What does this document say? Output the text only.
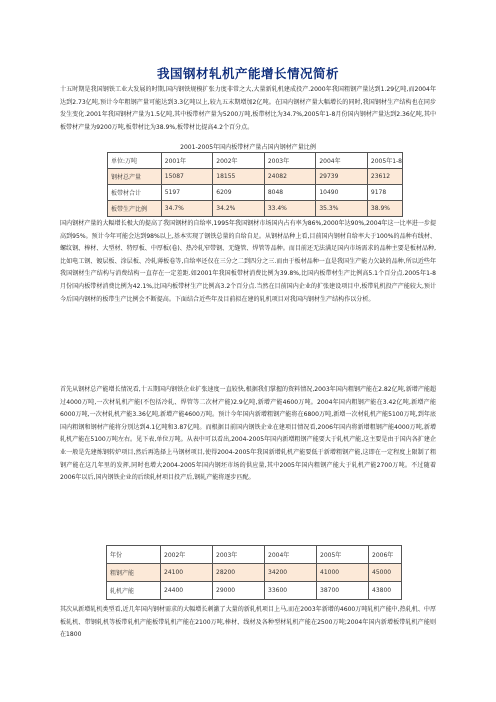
我国钢材轧机产能增长情况简析

十五时期是我国钢铁工业大发展的时期,国内钢铁规模扩张力度非常之大,大量新轧机建成投产.2000年我国粗钢产量达到1.29亿吨,而2004年达到2.73亿吨,预计今年粗钢产量可能达到3.3亿吨以上,较九五末期增加2亿吨。在国内钢材产量大幅增长的同时,我国钢材生产结构也在同步发生变化.2001年我国钢材产量为1.5亿吨,其中板带材产量为5200万吨,板带材比为34.7%,2005年1-8月份国内钢材产量达到2.36亿吨,其中板带材产量为9200万吨,板带材比为38.9%,板带材比提高4.2个百分点。

2001-2005年国内板带材产量占国内钢材产量比例
单位:万吨	2001年	2002年	2003年	2004年	2005年1-8
钢材总产量	15087	18155	24082	29739	23612
板带材合计	5197	6209	8048	10490	9178
板带生产比例	34.7%	34.2%	33.4%	35.3%	38.9%

国内钢材产量的大幅增长极大的提高了我国钢材的自给率,1995年我国钢材市场国内占有率为86%,2000年达90%,2004年这一比率进一步提高到95%。预计今年可能会达到98%以上,基本实现了钢铁总量的自给自足。从钢材品种上看,目前国内钢材自给率大于100%的品种有线材、螺纹钢、棒材、大型材、特厚板、中厚板(卷)、热冷轧窄带钢、无缝管、焊管等品种。而目前还无法满足国内市场需求的品种主要是板材品种,比如电工钢、镀层板、涂层板、冷轧薄板卷等,自给率还仅在三分之二到四分之三.而由于板材品种一直是我国生产能力欠缺的品种,所以近些年我国钢材生产结构与消费结构一直存在一定差距.如2001年我国板带材消费比例为39.8%,比国内板带材生产比例高5.1个百分点.2005年1-8月份国内板带材消费比例为42.1%,比国内板带材生产比例高3.2个百分点.当然在目前国内企业的扩张建设项目中,板带轧机投产产能较大,预计今后国内钢材的板带生产比例会不断提高。下面结合近些年及目前拟在建的轧机项目对我国内钢材生产结构作以分析。

首先从钢材总产能增长情况看,十五期国内钢铁企业扩张速度一直较快,根据我们掌握的资料情况,2003年国内粗钢产能在2.82亿吨,新增产能超过4000万吨,一次材轧机产能(不包括冷轧、焊管等二次材产能)2.9亿吨,新增产能4600万吨。2004年国内粗钢产能在3.42亿吨,新增产能6000万吨,一次材轧机产能3.36亿吨,新增产能4600万吨。预计今年国内新增粗钢产能将在6800万吨,新增一次材轧机产能5100万吨,到年底国内粗钢和钢材产能将分别达到4.1亿吨和3.87亿吨。而根据目前国内钢铁企业在建项目情况看,2006年国内将新增粗钢产能4000万吨,新增轧机产能在5100万吨左右。见下表,单位万吨。从表中可以看出,2004-2005年国内新增粗钢产能要大于轧机产能,这主要是由于国内各扩建企业一般是先建炼钢转炉项目,然后再选择上马钢材项目,使得2004-2005年我国新增轧机产能要低于新增粗钢产能,这即在一定程度上限制了粗钢产能在这几年里的发挥,同时也增大2004-2005年国内钢坯市场的供应量,其中2005年国内粗钢产能大于轧机产能2700万吨。不过随着2006年以后,国内钢铁企业的后续轧材项目投产后,钢轧产能将逐步匹配。

年份	2002年	2003年	2004年	2005年	2006年
粗钢产能	24100	28200	34200	41000	45000
轧机产能	24400	29000	33600	38700	43800

其次从新增轧机类型看,近几年国内钢材需求的大幅增长刺激了大量的新轧机项目上马,而在2003年新增的4600万吨轧机产能中,热轧机、中厚板轧机、带钢轧机等板带轧机产能板带轧机产能在2100万吨,棒材、线材及各种型材轧机产能在2500万吨;2004年国内新增板带轧机产能则在1800
